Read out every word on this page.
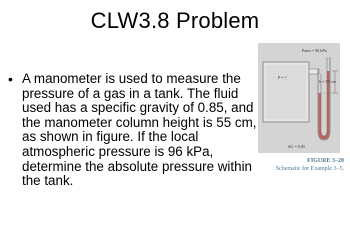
CLW3.8 Problem
• A manometer is used to measure the pressure of a gas in a tank. The fluid used has a specific gravity of 0.85, and the manometer column height is 55 cm, as shown in figure. If the local atmospheric pressure is 96 kPa, determine the absolute pressure within the tank.
Patm = 96 kPa
P = ?
h = 55 cm
SG = 0.85
FIGURE 3–20
Schematic for Example 3–5.
